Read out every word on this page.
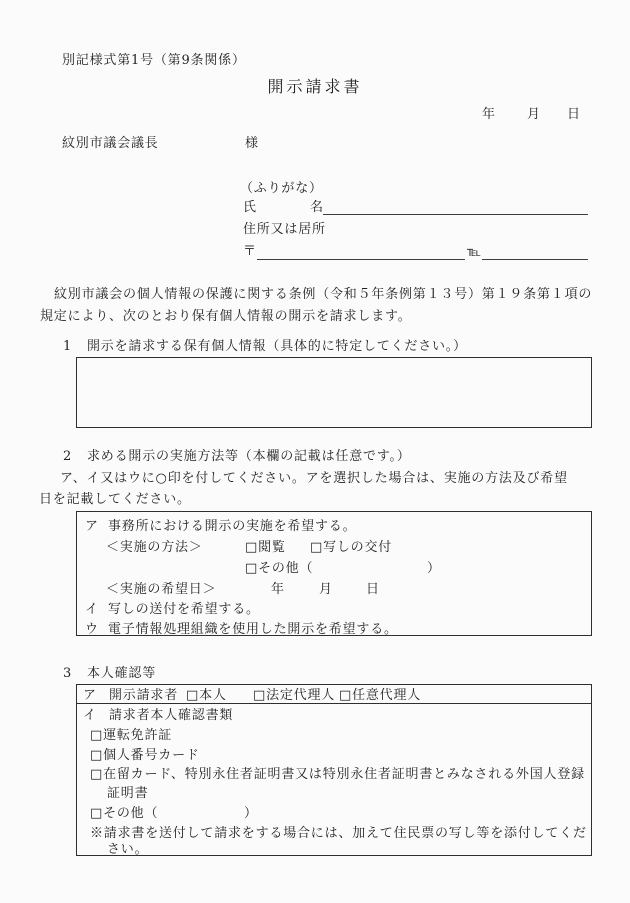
別記様式第1号（第9条関係）
開示請求書
年 月 日
紋別市議会議長	様
（ふりがな）
氏	名
住所又は居所
〒	℡
紋別市議会の個人情報の保護に関する条例（令和５年条例第１３号）第１９条第１項の
規定により、次のとおり保有個人情報の開示を請求します。
1 開示を請求する保有個人情報（具体的に特定してください。）
2 求める開示の実施方法等（本欄の記載は任意です。）
ア、イ又はウに○印を付してください。アを選択した場合は、実施の方法及び希望
日を記載してください。
ア 事務所における開示の実施を希望する。
＜実施の方法＞	□閲覧 □写しの交付
□その他（	）
＜実施の希望日＞	年	月	日
イ 写しの送付を希望する。
ウ 電子情報処理組織を使用した開示を希望する。
3 本人確認等
ア 開示請求者 □本人 □法定代理人 □任意代理人
イ 請求者本人確認書類
□運転免許証
□個人番号カード
□在留カード、特別永住者証明書又は特別永住者証明書とみなされる外国人登録
証明書
□その他（	）
※請求書を送付して請求をする場合には、加えて住民票の写し等を添付してくだ
さい。
